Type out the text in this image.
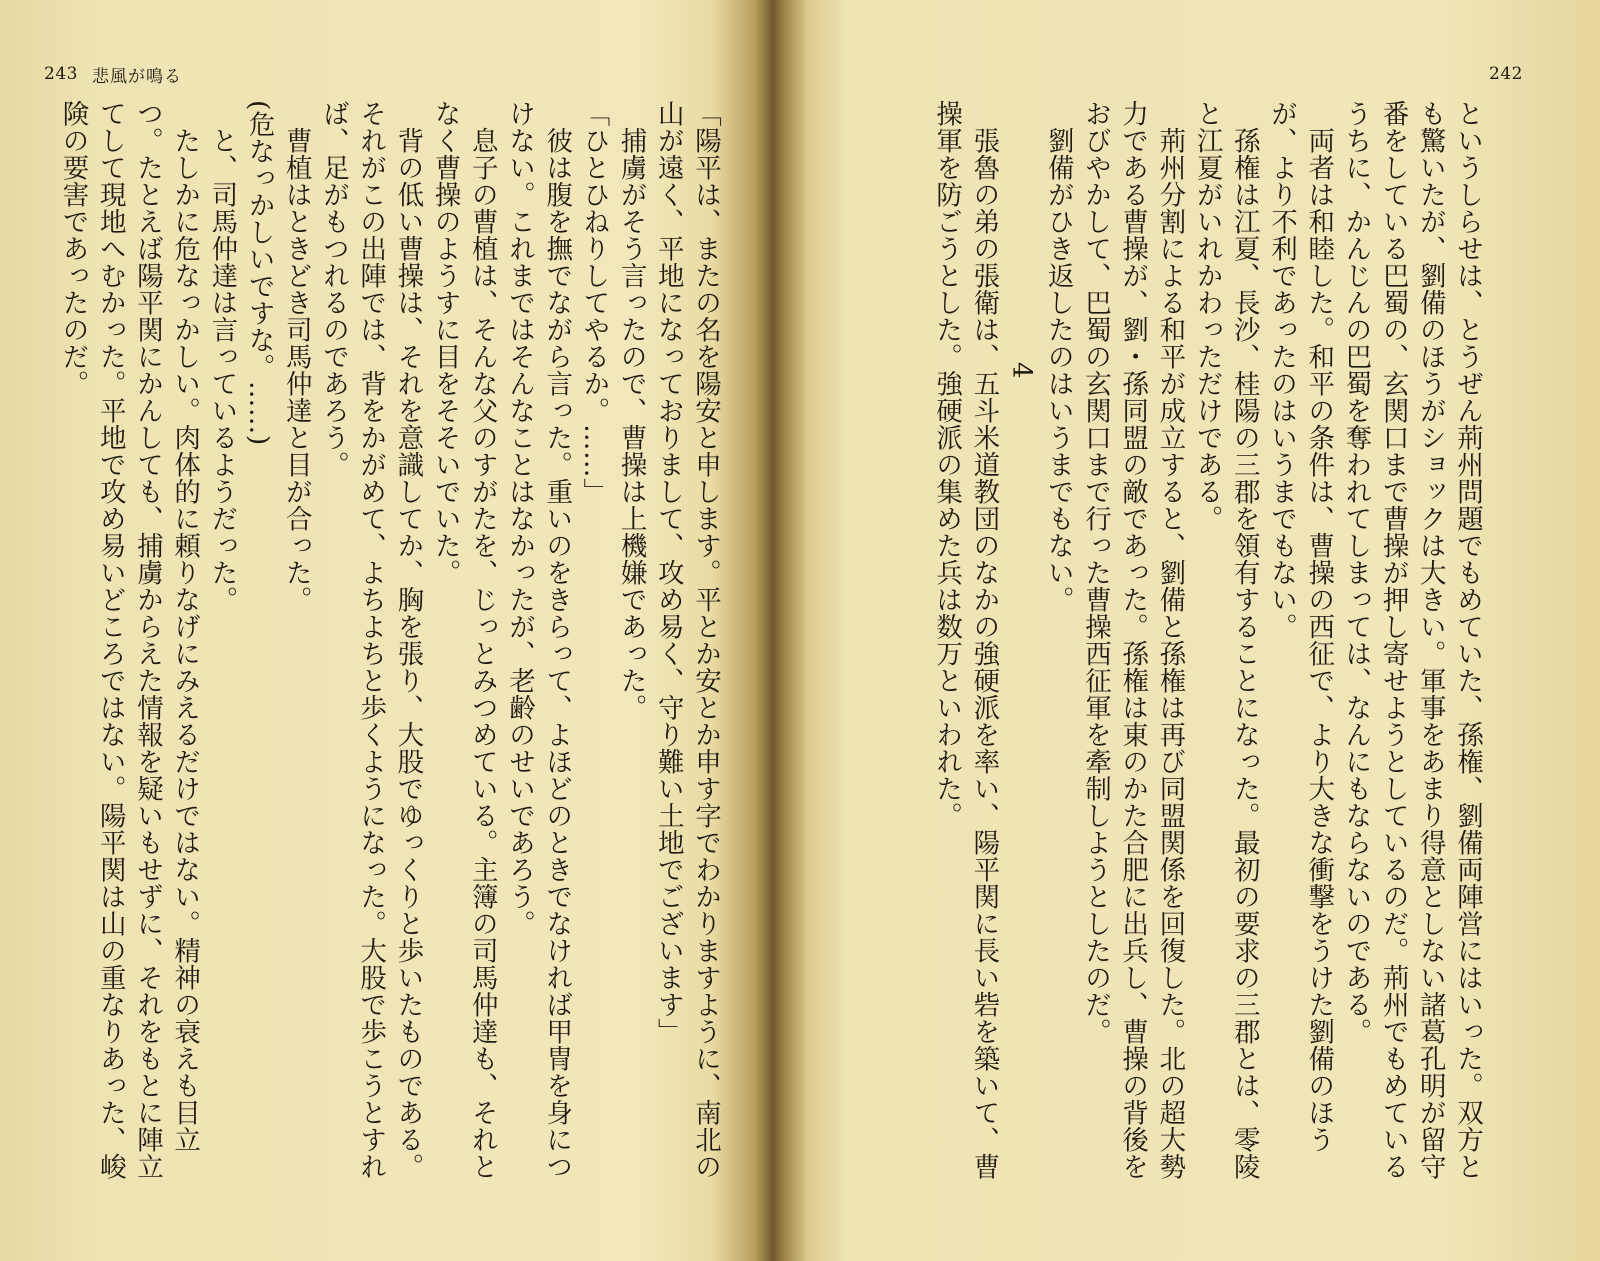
243 悲風が鳴る

「陽平は、またの名を陽安と申します。平とか安とか申す字でわかりますように、南北の山が遠く、平地になっておりまして、攻め易く、守り難い土地でございます」

捕虜がそう言ったので、曹操は上機嫌であった。

「ひとひねりしてやるか。……」

彼は腹を撫でながら言った。重いのをきらって、よほどのときでなければ甲冑を身につけない。これまではそんなことはなかったが、老齢のせいであろう。

息子の曹植は、そんな父のすがたを、じっとみつめている。主簿の司馬仲達も、それとなく曹操のようすに目をそそいでいた。

背の低い曹操は、それを意識してか、胸を張り、大股でゆっくりと歩いたものである。それがこの出陣では、背をかがめて、よちよちと歩くようになった。大股で歩こうとすれば、足がもつれるのであろう。

曹植はときどき司馬仲達と目が合った。

(危なっかしいですな。……)

と、司馬仲達は言っているようだった。

たしかに危なっかしい。肉体的に頼りなげにみえるだけではない。精神の衰えも目立つ。たとえば陽平関にかんしても、捕虜からえた情報を疑いもせずに、それをもとに陣立てして現地へむかった。平地で攻め易いどころではない。陽平関は山の重なりあった、峻険の要害であったのだ。

242

というしらせは、とうぜん荊州問題でもめていた、孫権、劉備両陣営にはいった。双方とも驚いたが、劉備のほうがショックは大きい。軍事をあまり得意としない諸葛孔明が留守番をしている巴蜀の、玄関口まで曹操が押し寄せようとしているのだ。荊州でもめているうちに、かんじんの巴蜀を奪われてしまっては、なんにもならないのである。

両者は和睦した。和平の条件は、曹操の西征で、より大きな衝撃をうけた劉備のほうが、より不利であったのはいうまでもない。

孫権は江夏、長沙、桂陽の三郡を領有することになった。最初の要求の三郡とは、零陵と江夏がいれかわっただけである。

荊州分割による和平が成立すると、劉備と孫権は再び同盟関係を回復した。北の超大勢力である曹操が、劉・孫同盟の敵であった。孫権は東のかた合肥に出兵し、曹操の背後をおびやかして、巴蜀の玄関口まで行った曹操西征軍を牽制しようとしたのだ。

劉備がひき返したのはいうまでもない。

4

張魯の弟の張衛は、五斗米道教団のなかの強硬派を率い、陽平関に長い砦を築いて、曹操軍を防ごうとした。強硬派の集めた兵は数万といわれた。
